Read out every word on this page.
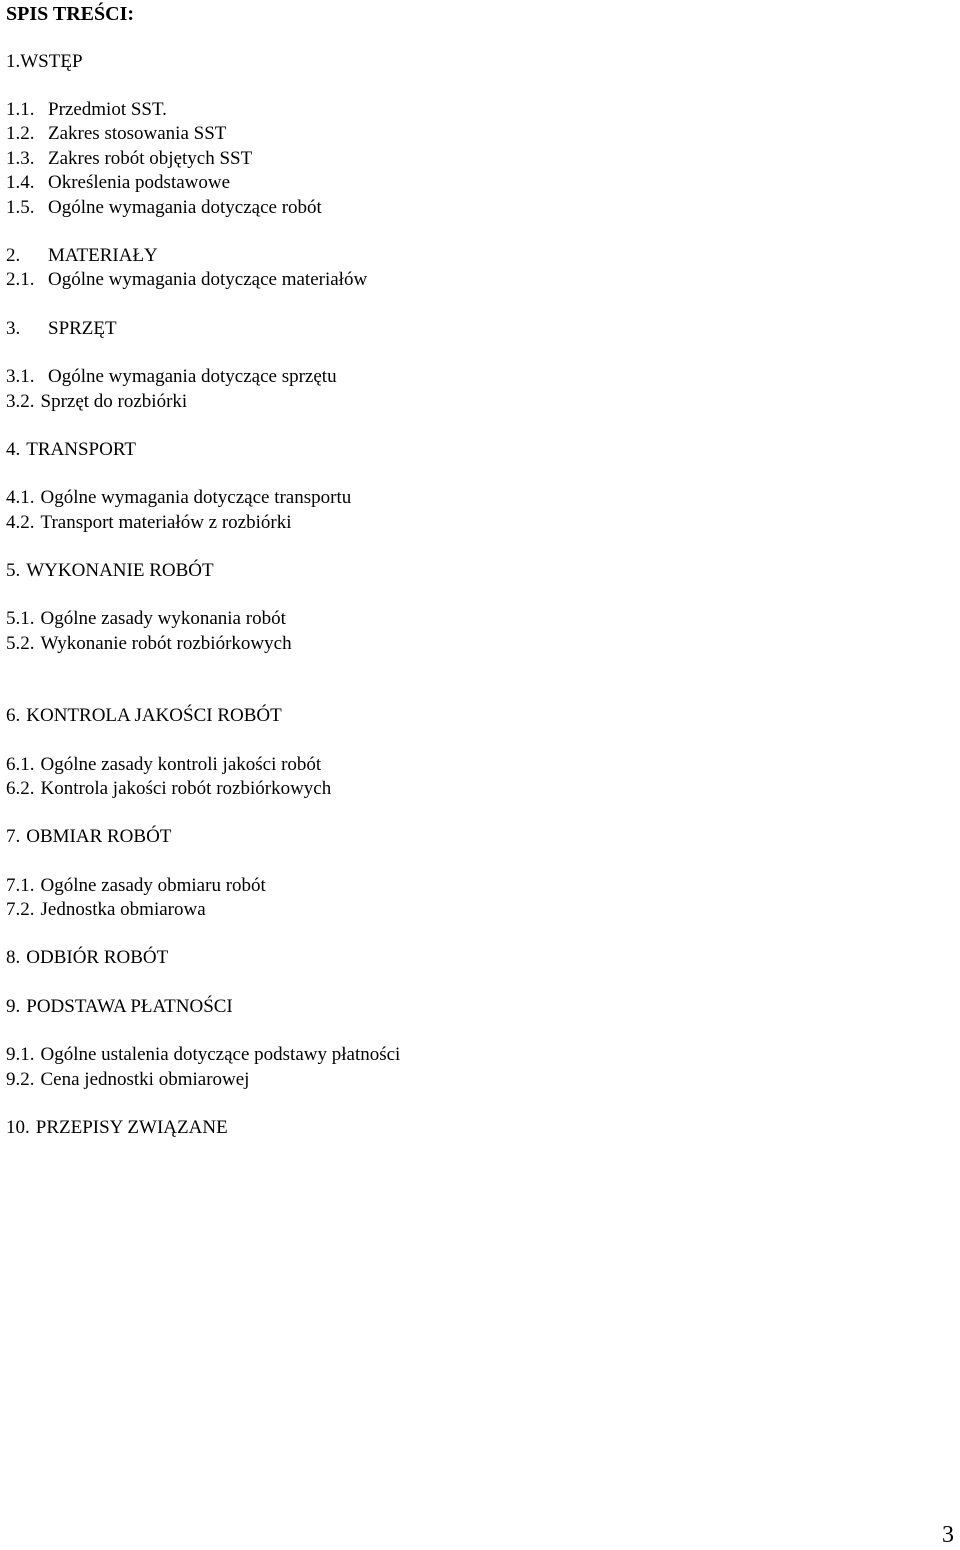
SPIS TREŚCI:
1.WSTĘP
1.1. Przedmiot SST.
1.2. Zakres stosowania SST
1.3. Zakres robót objętych SST
1.4. Określenia podstawowe
1.5. Ogólne wymagania dotyczące robót
2. MATERIAŁY
2.1. Ogólne wymagania dotyczące materiałów
3. SPRZĘT
3.1. Ogólne wymagania dotyczące sprzętu
3.2. Sprzęt do rozbiórki
4. TRANSPORT
4.1. Ogólne wymagania dotyczące transportu
4.2. Transport materiałów z rozbiórki
5. WYKONANIE ROBÓT
5.1. Ogólne zasady wykonania robót
5.2. Wykonanie robót rozbiórkowych
6. KONTROLA JAKOŚCI ROBÓT
6.1. Ogólne zasady kontroli jakości robót
6.2. Kontrola jakości robót rozbiórkowych
7. OBMIAR ROBÓT
7.1. Ogólne zasady obmiaru robót
7.2. Jednostka obmiarowa
8. ODBIÓR ROBÓT
9. PODSTAWA PŁATNOŚCI
9.1. Ogólne ustalenia dotyczące podstawy płatności
9.2. Cena jednostki obmiarowej
10. PRZEPISY ZWIĄZANE
3
